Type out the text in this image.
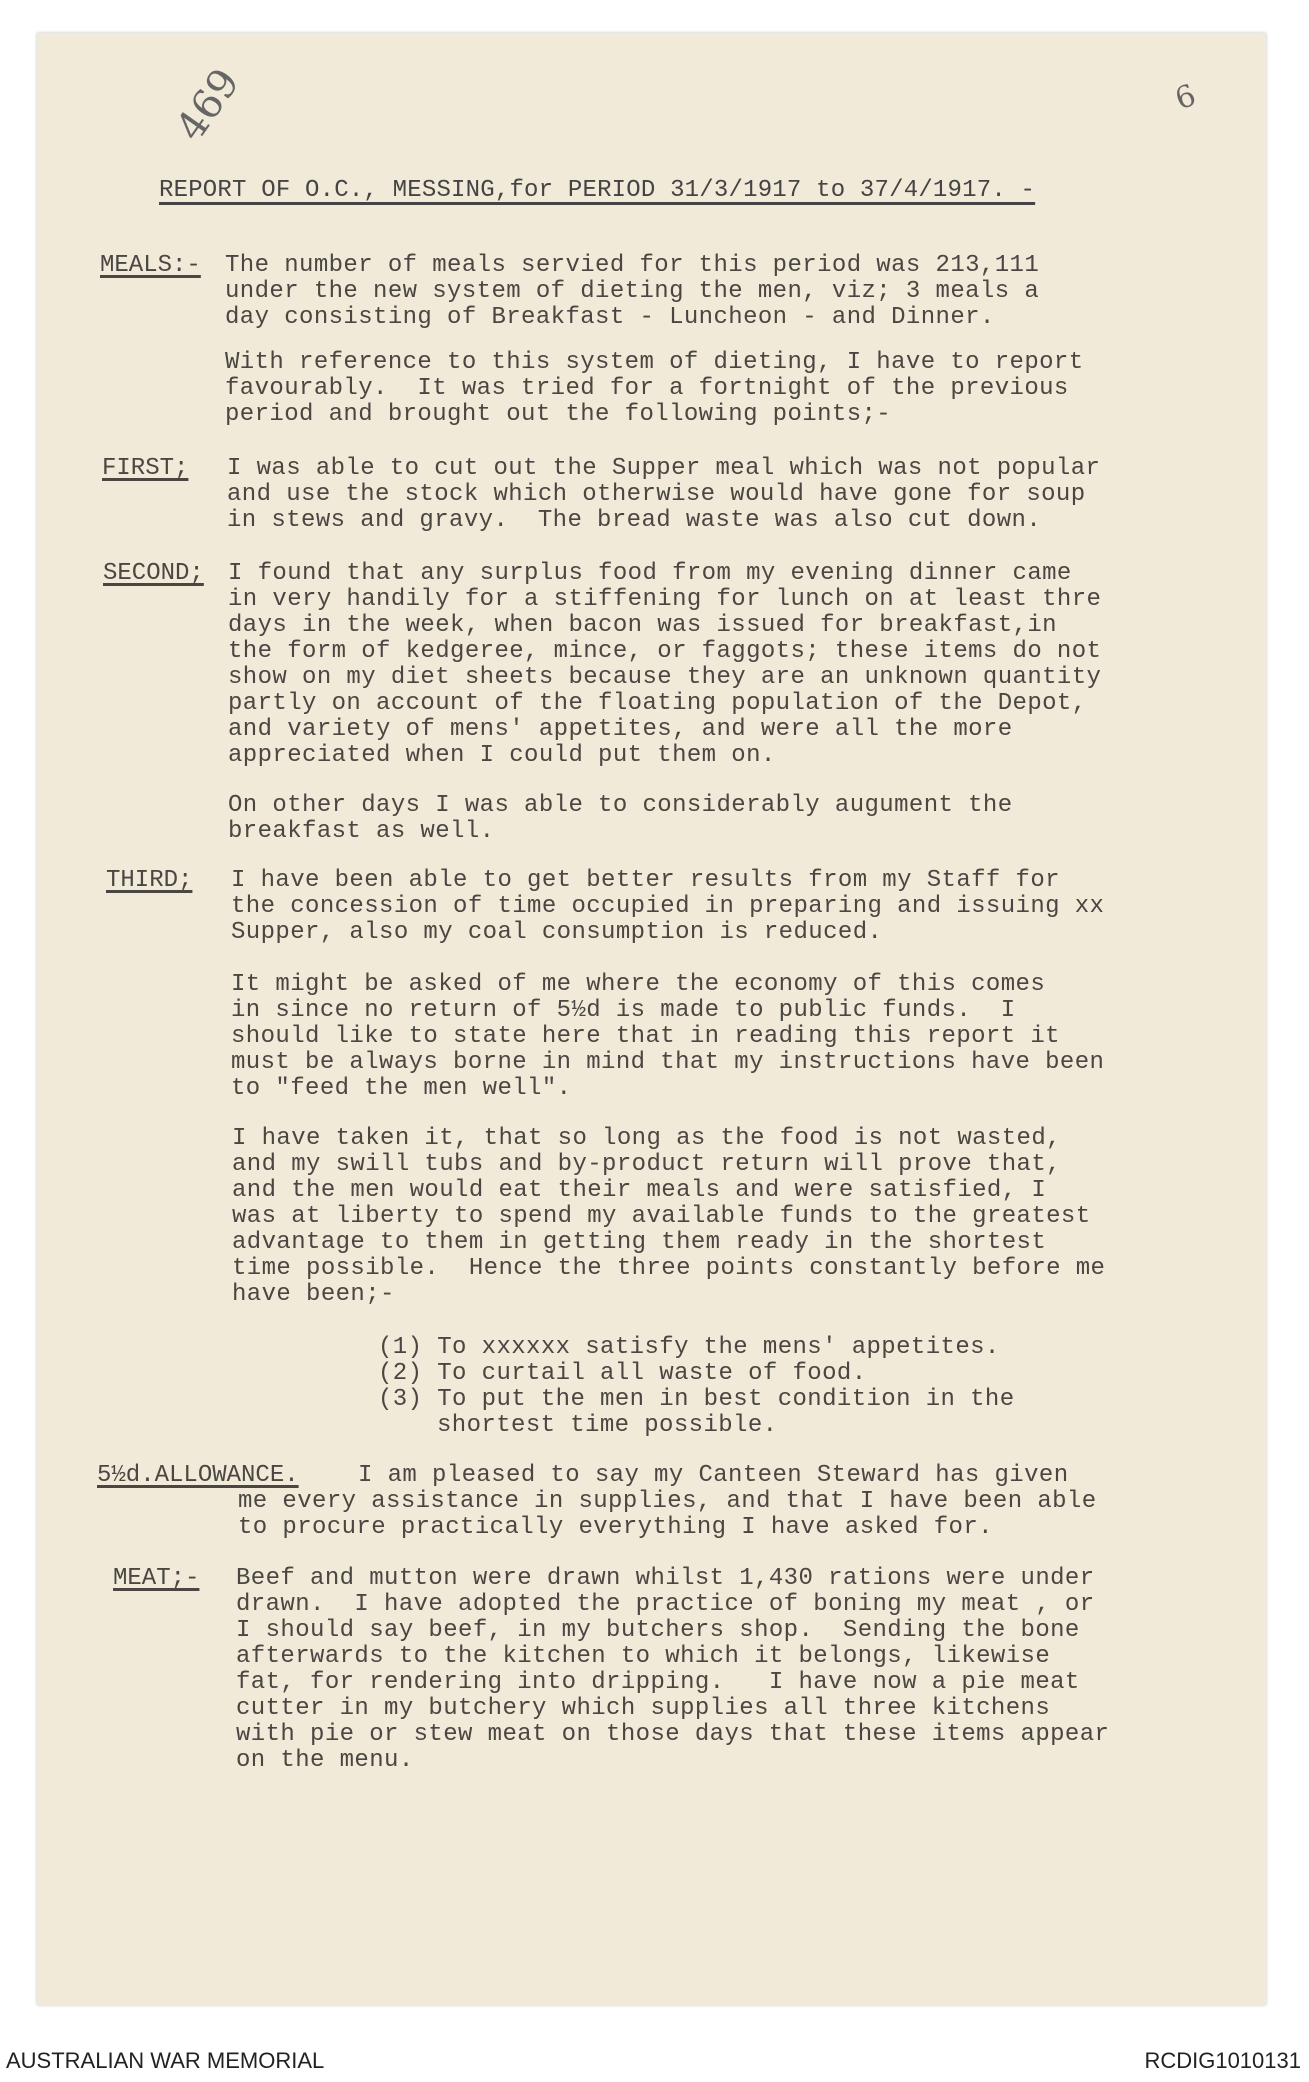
469	6
REPORT OF O.C., MESSING,for PERIOD 31/3/1917 to 37/4/1917. -
MEALS:- The number of meals servied for this period was 213,111
under the new system of dieting the men, viz; 3 meals a
day consisting of Breakfast - Luncheon - and Dinner.
With reference to this system of dieting, I have to report
favourably.  It was tried for a fortnight of the previous
period and brought out the following points;-
FIRST; I was able to cut out the Supper meal which was not popular
and use the stock which otherwise would have gone for soup
in stews and gravy.  The bread waste was also cut down.
SECOND; I found that any surplus food from my evening dinner came
in very handily for a stiffening for lunch on at least thre
days in the week, when bacon was issued for breakfast,in
the form of kedgeree, mince, or faggots; these items do not
show on my diet sheets because they are an unknown quantity
partly on account of the floating population of the Depot,
and variety of mens' appetites, and were all the more
appreciated when I could put them on.
On other days I was able to considerably augument the
breakfast as well.
THIRD; I have been able to get better results from my Staff for
the concession of time occupied in preparing and issuing xx
Supper, also my coal consumption is reduced.
It might be asked of me where the economy of this comes
in since no return of 5½d is made to public funds.  I
should like to state here that in reading this report it
must be always borne in mind that my instructions have been
to "feed the men well".
I have taken it, that so long as the food is not wasted,
and my swill tubs and by-product return will prove that,
and the men would eat their meals and were satisfied, I
was at liberty to spend my available funds to the greatest
advantage to them in getting them ready in the shortest
time possible.  Hence the three points constantly before me
have been;-
(1) To xxxxxx satisfy the mens' appetites.
(2) To curtail all waste of food.
(3) To put the men in best condition in the
shortest time possible.
5½d.ALLOWANCE. I am pleased to say my Canteen Steward has given
me every assistance in supplies, and that I have been able
to procure practically everything I have asked for.
MEAT;- Beef and mutton were drawn whilst 1,430 rations were under
drawn.  I have adopted the practice of boning my meat , or
I should say beef, in my butchers shop.  Sending the bone
afterwards to the kitchen to which it belongs, likewise
fat, for rendering into dripping.   I have now a pie meat
cutter in my butchery which supplies all three kitchens
with pie or stew meat on those days that these items appear
on the menu.
AUSTRALIAN WAR MEMORIAL	RCDIG1010131
